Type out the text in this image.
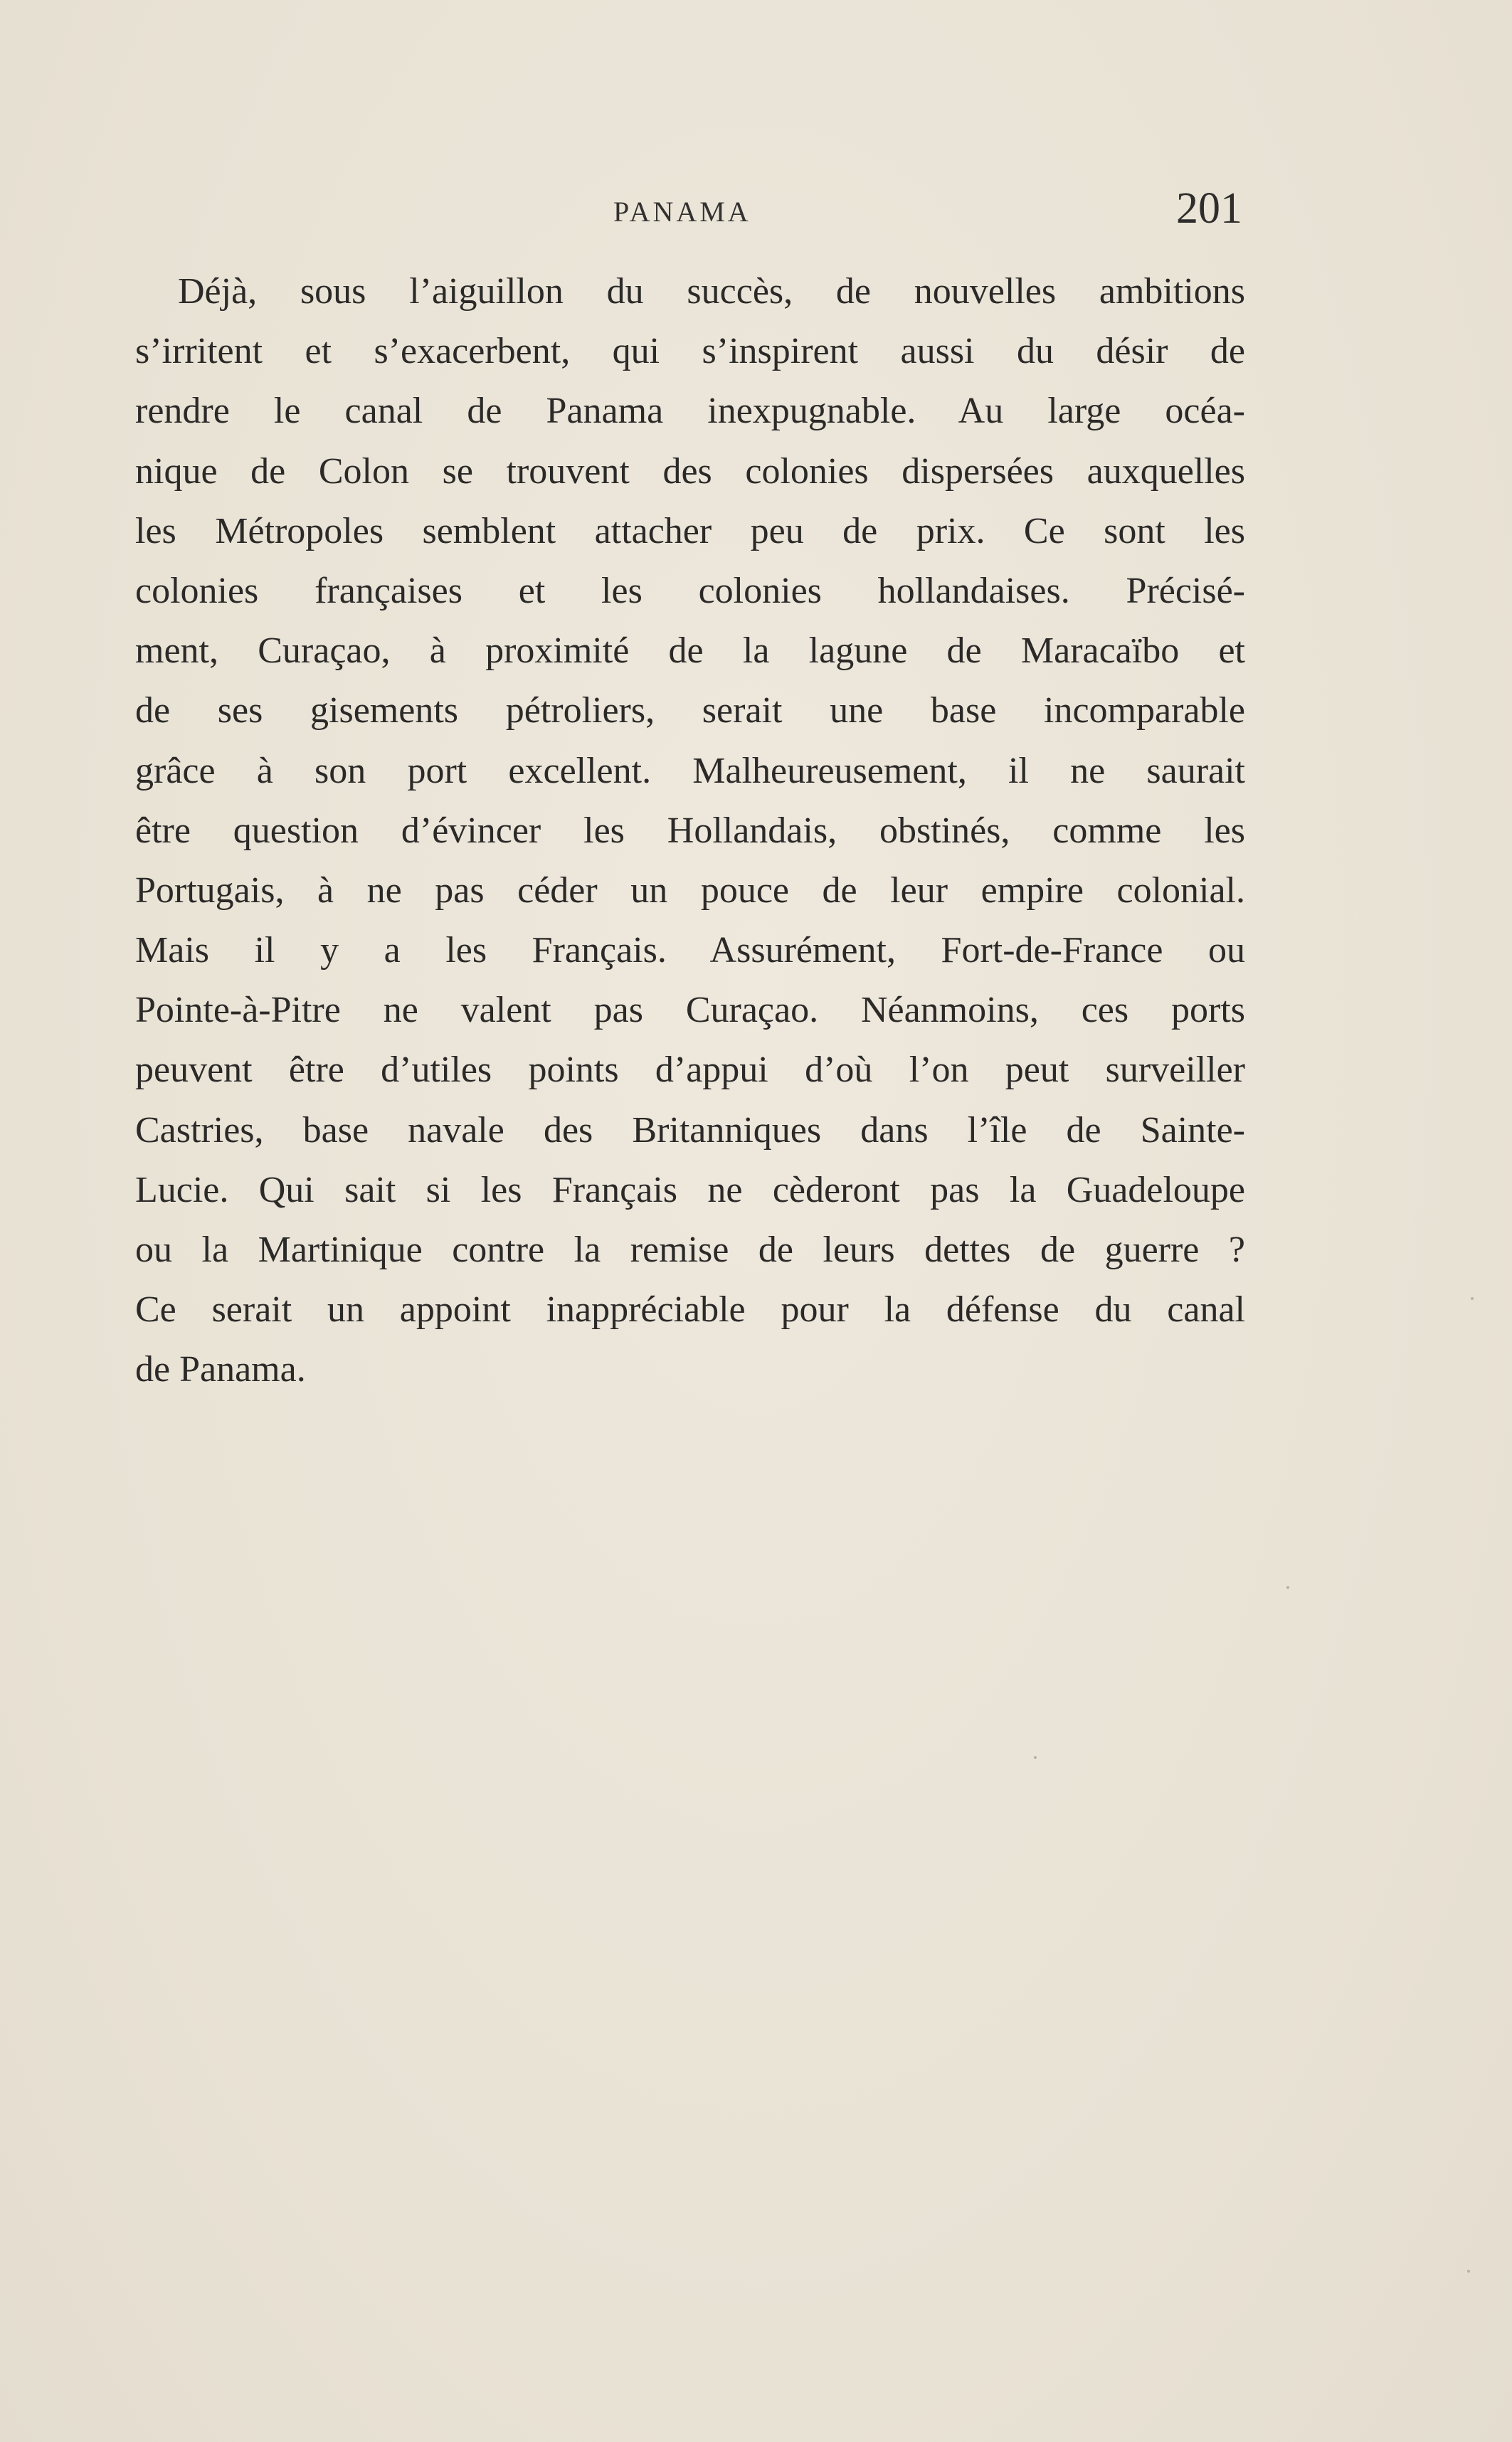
PANAMA	201
Déjà, sous l’aiguillon du succès, de nouvelles ambitions
s’irritent et s’exacerbent, qui s’inspirent aussi du désir de
rendre le canal de Panama inexpugnable. Au large océa-
nique de Colon se trouvent des colonies dispersées auxquelles
les Métropoles semblent attacher peu de prix. Ce sont les
colonies françaises et les colonies hollandaises. Précisé-
ment, Curaçao, à proximité de la lagune de Maracaïbo et
de ses gisements pétroliers, serait une base incomparable
grâce à son port excellent. Malheureusement, il ne saurait
être question d’évincer les Hollandais, obstinés, comme les
Portugais, à ne pas céder un pouce de leur empire colonial.
Mais il y a les Français. Assurément, Fort-de-France ou
Pointe-à-Pitre ne valent pas Curaçao. Néanmoins, ces ports
peuvent être d’utiles points d’appui d’où l’on peut surveiller
Castries, base navale des Britanniques dans l’île de Sainte-
Lucie. Qui sait si les Français ne cèderont pas la Guadeloupe
ou la Martinique contre la remise de leurs dettes de guerre ?
Ce serait un appoint inappréciable pour la défense du canal
de Panama.
